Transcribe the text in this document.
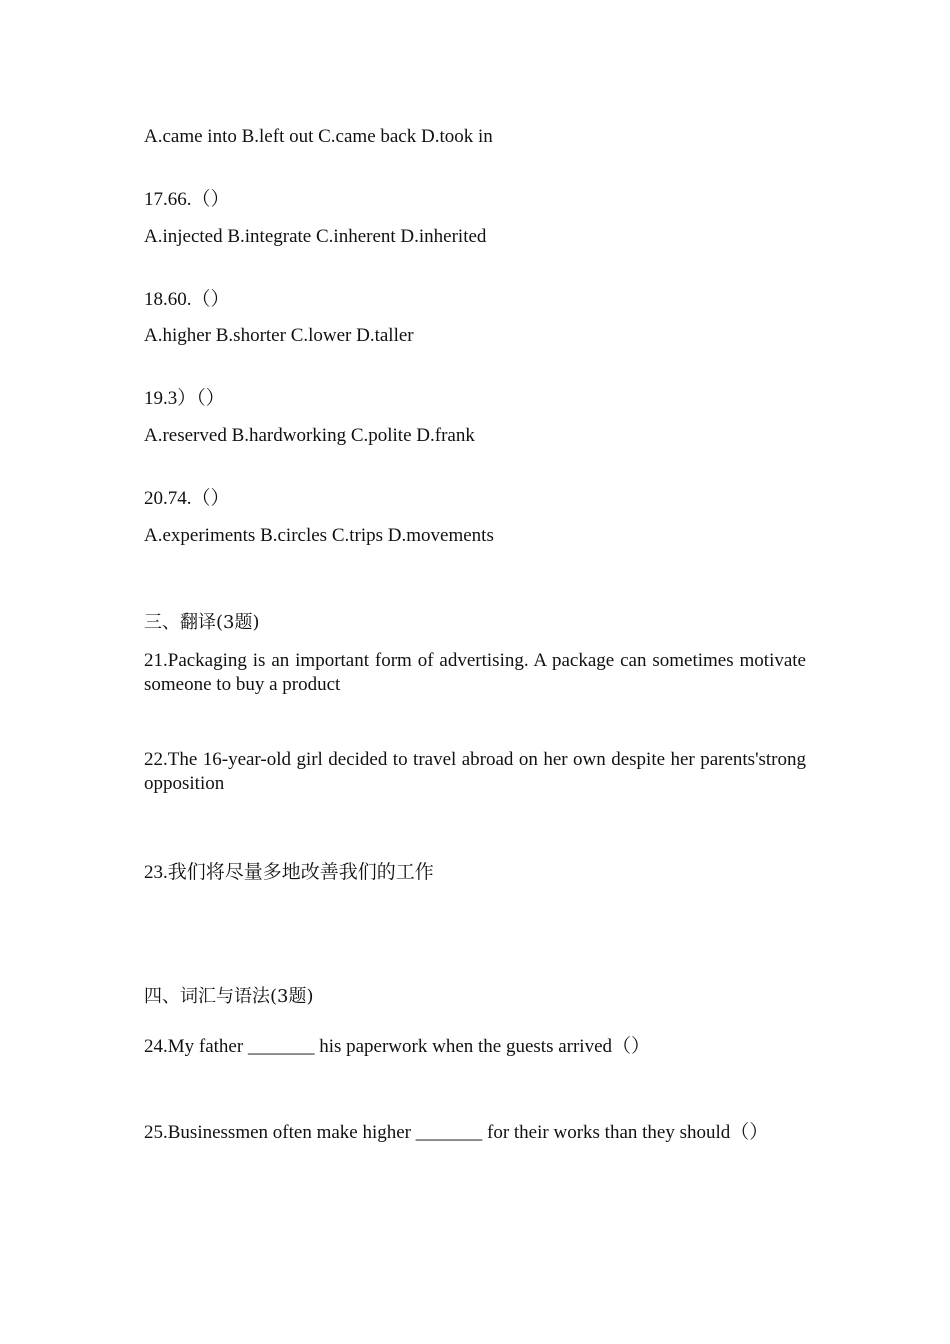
A.came into B.left out C.came back D.took in
17.66.（）
A.injected B.integrate C.inherent D.inherited
18.60.（）
A.higher B.shorter C.lower D.taller
19.3）（）
A.reserved B.hardworking C.polite D.frank
20.74.（）
A.experiments B.circles C.trips D.movements
三、翻译(3题)
21.Packaging is an important form of advertising. A package can sometimes motivate someone to buy a product
22.The 16-year-old girl decided to travel abroad on her own despite her parents'strong opposition
23.我们将尽量多地改善我们的工作
四、词汇与语法(3题)
24.My father _______ his paperwork when the guests arrived（）
25.Businessmen often make higher _______ for their works than they should（）
